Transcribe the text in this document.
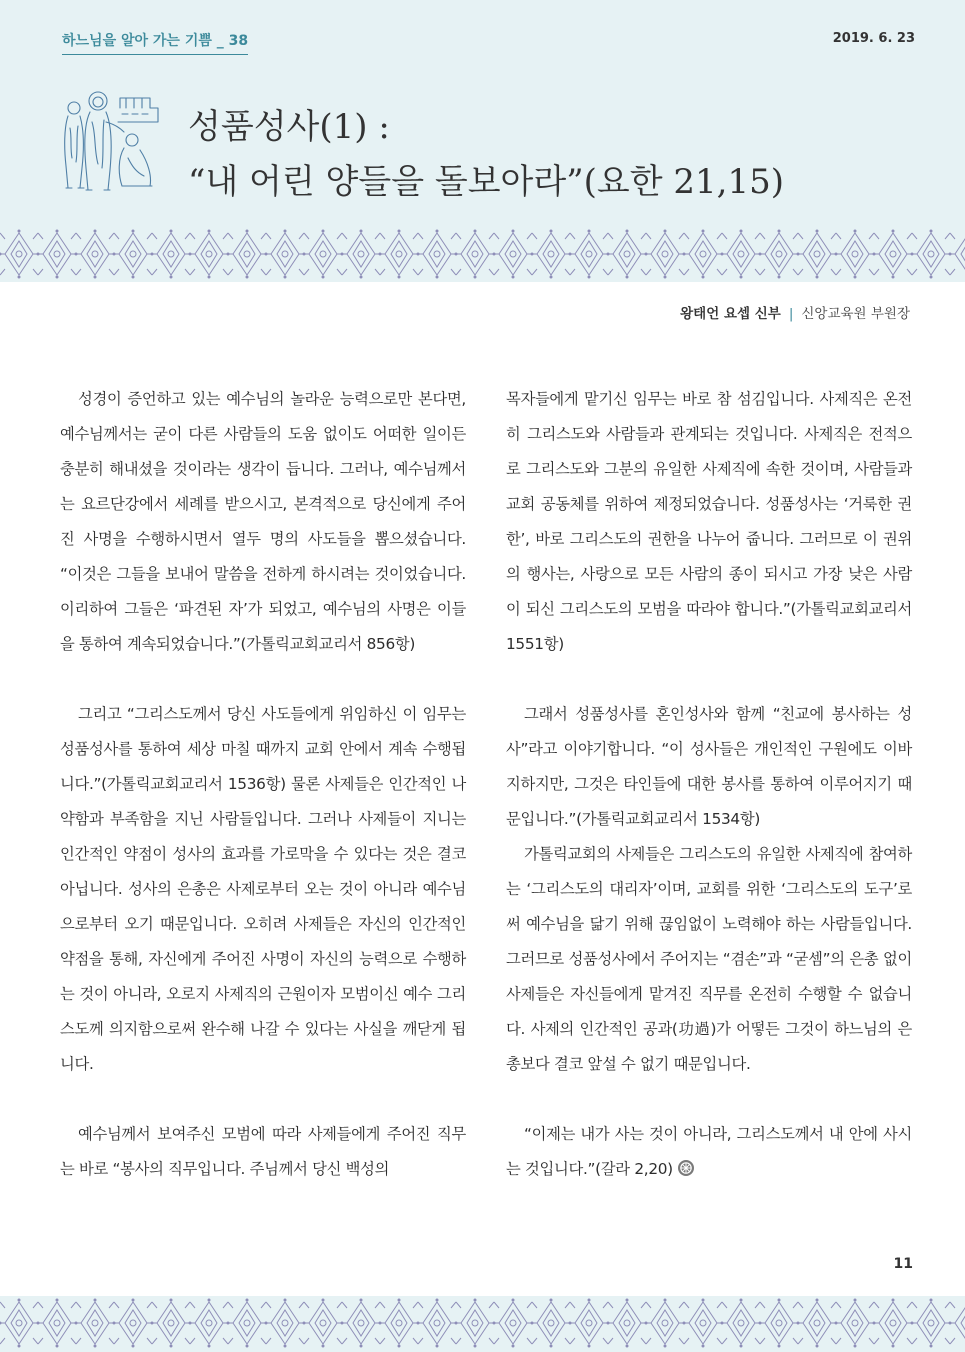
하느님을 알아 가는 기쁨 _ 38	2019. 6. 23
성품성사(1) :
“내 어린 양들을 돌보아라”(요한 21,15)
왕태언 요셉 신부 | 신앙교육원 부원장

성경이 증언하고 있는 예수님의 놀라운 능력으로만 본다면, 예수님께서는 굳이 다른 사람들의 도움 없이도 어떠한 일이든 충분히 해내셨을 것이라는 생각이 듭니다. 그러나, 예수님께서는 요르단강에서 세례를 받으시고, 본격적으로 당신에게 주어진 사명을 수행하시면서 열두 명의 사도들을 뽑으셨습니다. “이것은 그들을 보내어 말씀을 전하게 하시려는 것이었습니다. 이리하여 그들은 ‘파견된 자’가 되었고, 예수님의 사명은 이들을 통하여 계속되었습니다.”(가톨릭교회교리서 856항)

그리고 “그리스도께서 당신 사도들에게 위임하신 이 임무는 성품성사를 통하여 세상 마칠 때까지 교회 안에서 계속 수행됩니다.”(가톨릭교회교리서 1536항) 물론 사제들은 인간적인 나약함과 부족함을 지닌 사람들입니다. 그러나 사제들이 지니는 인간적인 약점이 성사의 효과를 가로막을 수 있다는 것은 결코 아닙니다. 성사의 은총은 사제로부터 오는 것이 아니라 예수님으로부터 오기 때문입니다. 오히려 사제들은 자신의 인간적인 약점을 통해, 자신에게 주어진 사명이 자신의 능력으로 수행하는 것이 아니라, 오로지 사제직의 근원이자 모범이신 예수 그리스도께 의지함으로써 완수해 나갈 수 있다는 사실을 깨닫게 됩니다.

예수님께서 보여주신 모범에 따라 사제들에게 주어진 직무는 바로 “봉사의 직무입니다. 주님께서 당신 백성의

목자들에게 맡기신 임무는 바로 참 섬김입니다. 사제직은 온전히 그리스도와 사람들과 관계되는 것입니다. 사제직은 전적으로 그리스도와 그분의 유일한 사제직에 속한 것이며, 사람들과 교회 공동체를 위하여 제정되었습니다. 성품성사는 ‘거룩한 권한’, 바로 그리스도의 권한을 나누어 줍니다. 그러므로 이 권위의 행사는, 사랑으로 모든 사람의 종이 되시고 가장 낮은 사람이 되신 그리스도의 모범을 따라야 합니다.”(가톨릭교회교리서 1551항)

그래서 성품성사를 혼인성사와 함께 “친교에 봉사하는 성사”라고 이야기합니다. “이 성사들은 개인적인 구원에도 이바지하지만, 그것은 타인들에 대한 봉사를 통하여 이루어지기 때문입니다.”(가톨릭교회교리서 1534항)

가톨릭교회의 사제들은 그리스도의 유일한 사제직에 참여하는 ‘그리스도의 대리자’이며, 교회를 위한 ‘그리스도의 도구’로써 예수님을 닮기 위해 끊임없이 노력해야 하는 사람들입니다. 그러므로 성품성사에서 주어지는 “겸손”과 “굳셈”의 은총 없이 사제들은 자신들에게 맡겨진 직무를 온전히 수행할 수 없습니다. 사제의 인간적인 공과(功過)가 어떻든 그것이 하느님의 은총보다 결코 앞설 수 없기 때문입니다.

“이제는 내가 사는 것이 아니라, 그리스도께서 내 안에 사시는 것입니다.”(갈라 2,20)

11
